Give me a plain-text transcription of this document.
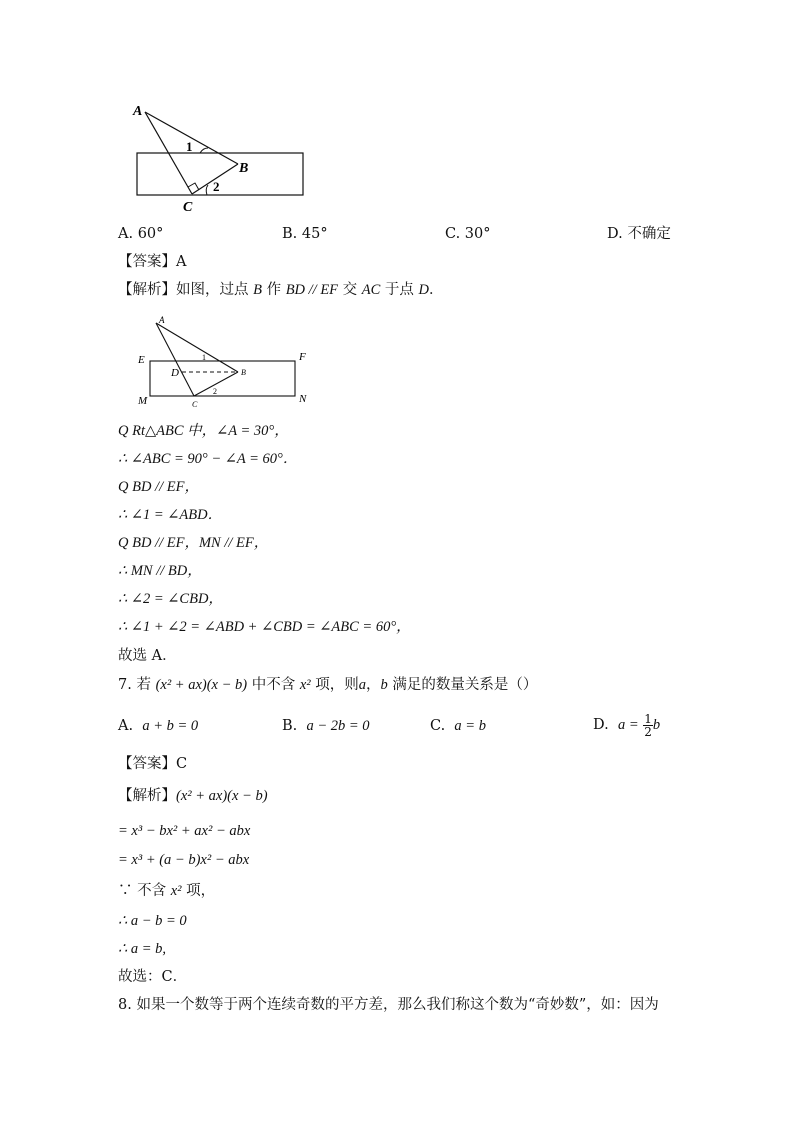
A
1
B
2
C
A. 60°	B. 45°	C. 30°	D. 不确定
【答案】A
【解析】如图，过点 B 作 BD // EF 交 AC 于点 D．
A
E	F
1
D	B
2
M	C	N
Q Rt△ABC 中，∠A = 30°，
∴ ∠ABC = 90° − ∠A = 60°．
Q BD // EF，
∴ ∠1 = ∠ABD．
Q BD // EF，MN // EF，
∴ MN // BD，
∴ ∠2 = ∠CBD，
∴ ∠1 + ∠2 = ∠ABD + ∠CBD = ∠ABC = 60°，
故选 A．
7. 若 (x² + ax)(x − b) 中不含 x² 项，则a，b 满足的数量关系是（）
A. a + b = 0	B. a − 2b = 0	C. a = b	D. $a = \frac{1}{2}$ b
【答案】C
【解析】(x² + ax)(x − b)
= x³ − bx² + ax² − abx
= x³ + (a − b)x² − abx
∵ 不含 x² 项，
∴ a − b = 0
∴ a = b,
故选：C．
8. 如果一个数等于两个连续奇数的平方差，那么我们称这个数为“奇妙数”，如：因为
